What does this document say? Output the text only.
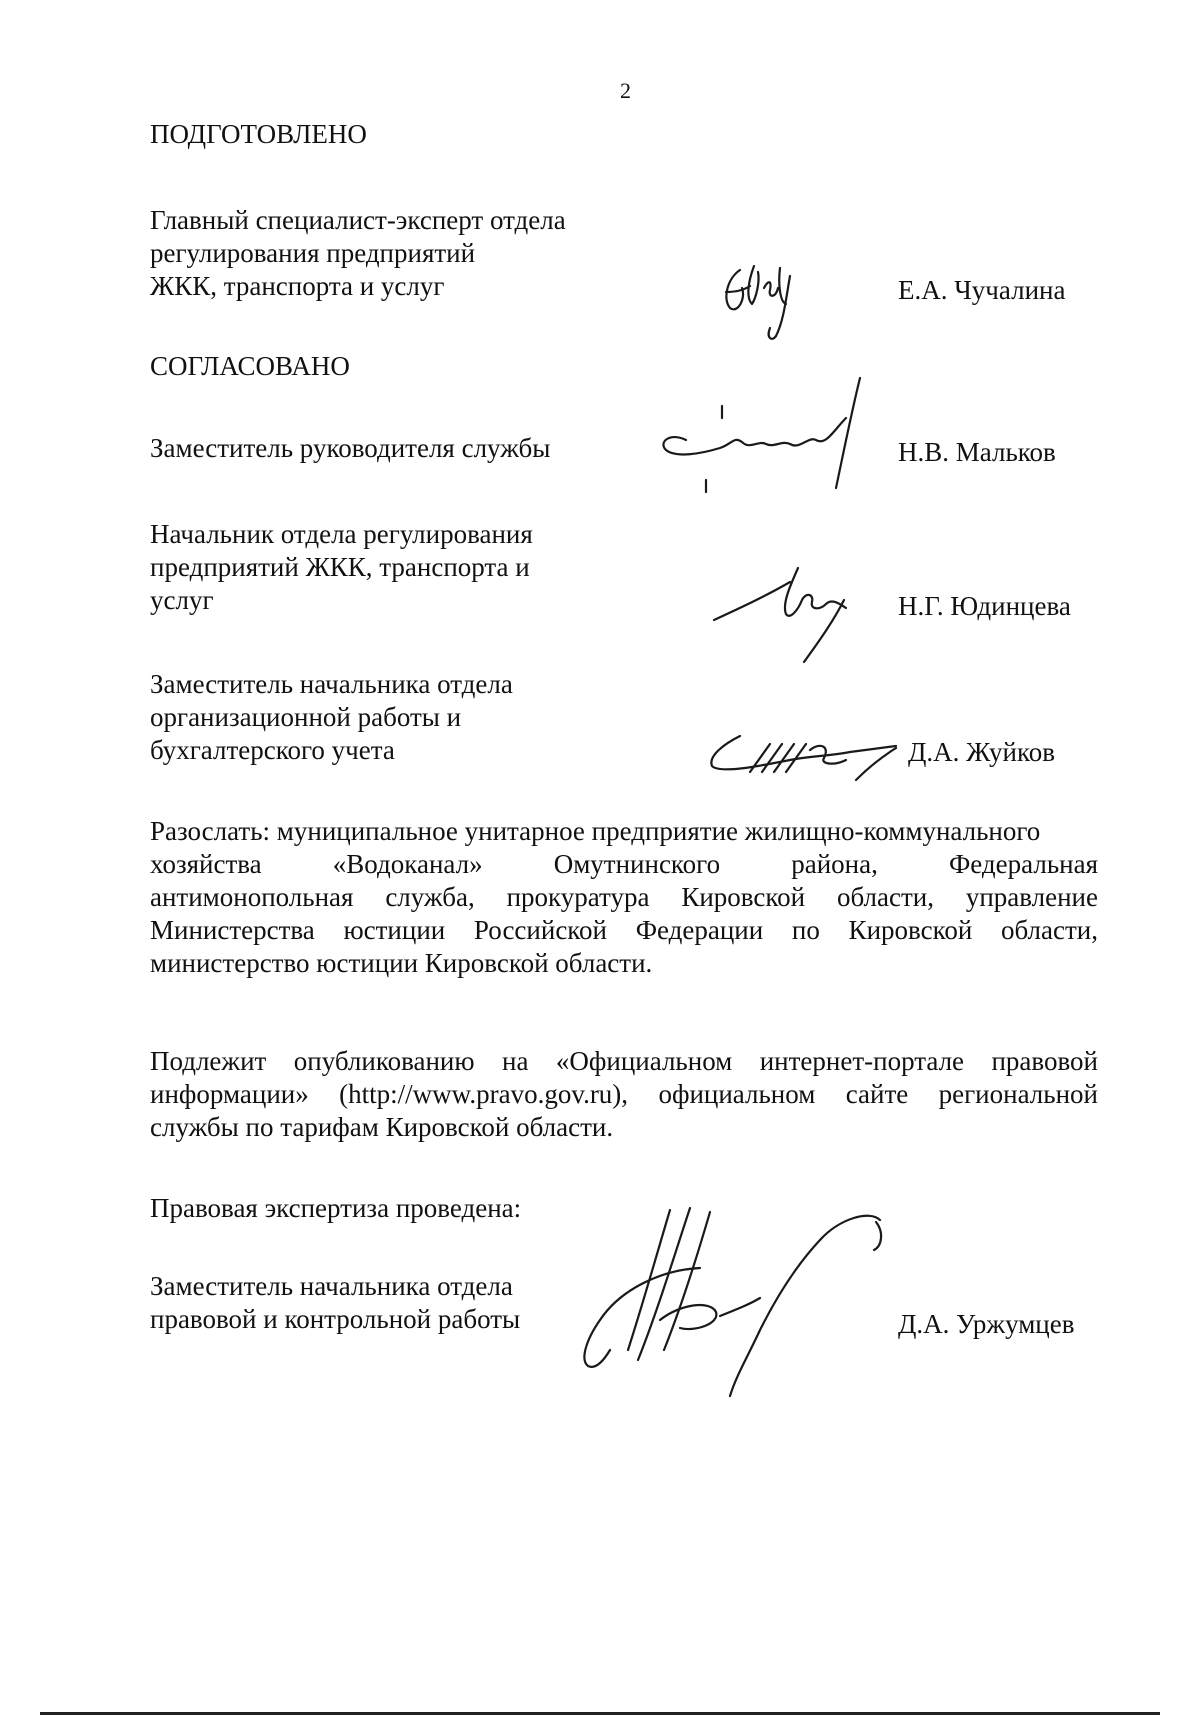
2
ПОДГОТОВЛЕНО
Главный специалист-эксперт отдела
регулирования предприятий
ЖКК, транспорта и услуг	Е.А. Чучалина
СОГЛАСОВАНО
Заместитель руководителя службы	Н.В. Мальков
Начальник отдела регулирования
предприятий ЖКК, транспорта и
услуг	Н.Г. Юдинцева
Заместитель начальника отдела
организационной работы и
бухгалтерского учета	Д.А. Жуйков
Разослать: муниципальное унитарное предприятие жилищно-коммунального
хозяйства «Водоканал» Омутнинского района, Федеральная
антимонопольная служба, прокуратура Кировской области, управление
Министерства юстиции Российской Федерации по Кировской области,
министерство юстиции Кировской области.
Подлежит опубликованию на «Официальном интернет-портале правовой
информации» (http://www.pravo.gov.ru), официальном сайте региональной
службы по тарифам Кировской области.
Правовая экспертиза проведена:
Заместитель начальника отдела
правовой и контрольной работы	Д.А. Уржумцев
